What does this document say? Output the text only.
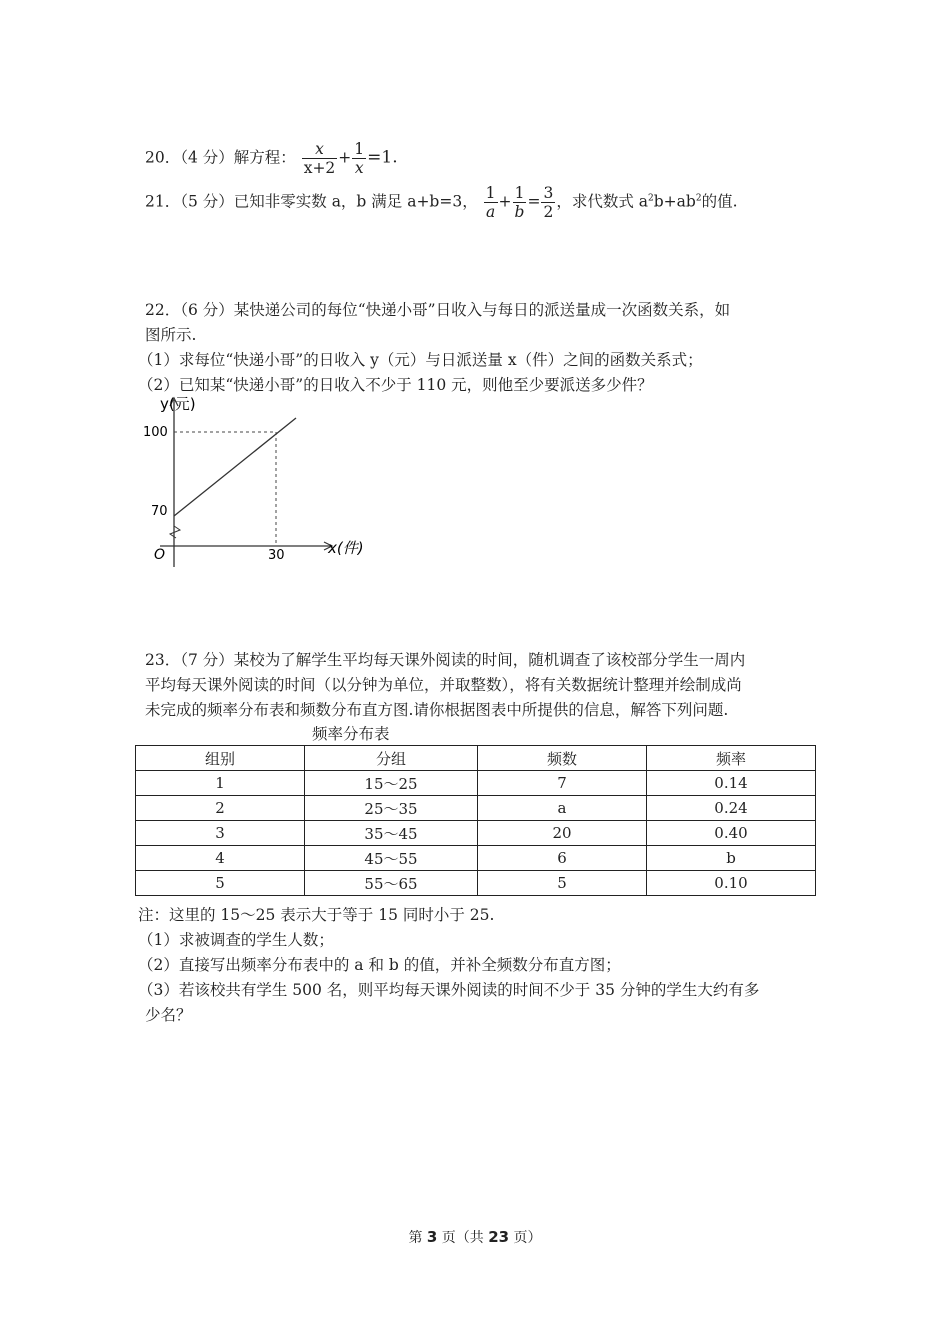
20．（4 分）解方程： $\frac{x}{x+2} + \frac{1}{x} =1$.
21．（5 分）已知非零实数 a，b 满足 a+b=3， $\frac{1}{a} + \frac{1}{b} = \frac{3}{2}$ ，求代数式 $a^2b+ab^2$的值.
22．（6 分）某快递公司的每位“快递小哥”日收入与每日的派送量成一次函数关系，如
图所示.
（1）求每位“快递小哥”的日收入 y（元）与日派送量 x（件）之间的函数关系式；
（2）已知某“快递小哥”的日收入不少于 110 元，则他至少要派送多少件？
y(元)
x(件)
100
70
O	30
23．（7 分）某校为了解学生平均每天课外阅读的时间，随机调查了该校部分学生一周内
平均每天课外阅读的时间（以分钟为单位，并取整数），将有关数据统计整理并绘制成尚
未完成的频率分布表和频数分布直方图.请你根据图表中所提供的信息，解答下列问题.
频率分布表
组别	分组	频数	频率
1	15～25	7	0.14
2	25～35	a	0.24
3	35～45	20	0.40
4	45～55	6	b
5	55～65	5	0.10
注：这里的 15～25 表示大于等于 15 同时小于 25.
（1）求被调查的学生人数；
（2）直接写出频率分布表中的 a 和 b 的值，并补全频数分布直方图；
（3）若该校共有学生 500 名，则平均每天课外阅读的时间不少于 35 分钟的学生大约有多
少名？
第 3 页（共 23 页）
